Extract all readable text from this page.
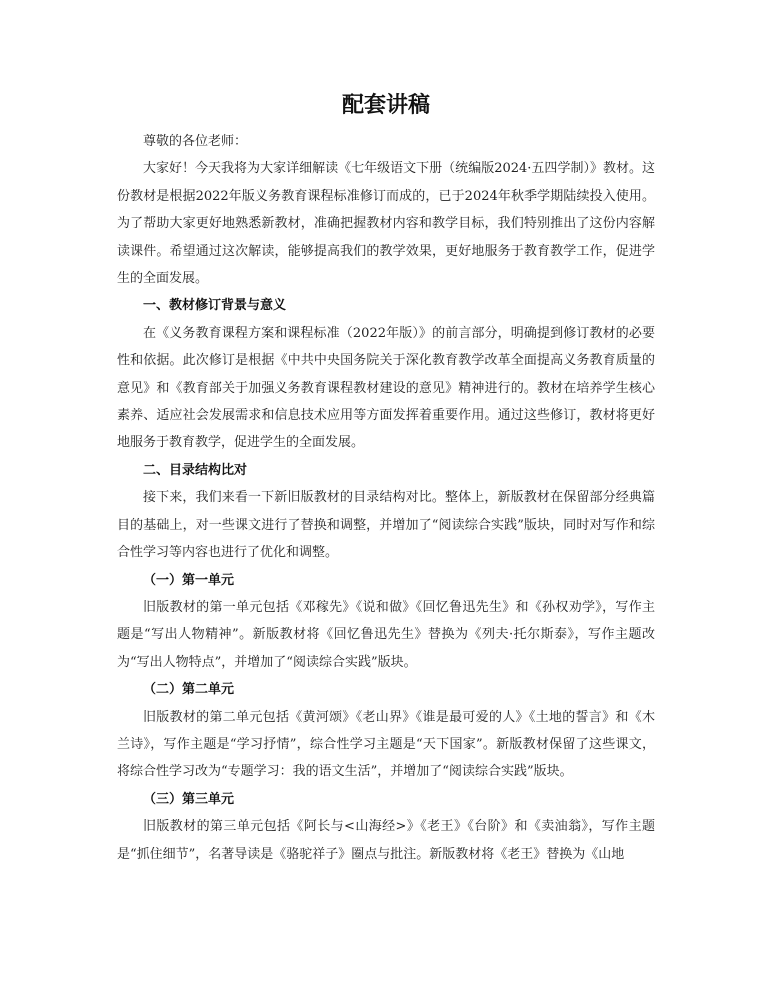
配套讲稿

尊敬的各位老师：

大家好！今天我将为大家详细解读《七年级语文下册（统编版2024·五四学制）》教材。这份教材是根据2022年版义务教育课程标准修订而成的，已于2024年秋季学期陆续投入使用。为了帮助大家更好地熟悉新教材，准确把握教材内容和教学目标，我们特别推出了这份内容解读课件。希望通过这次解读，能够提高我们的教学效果，更好地服务于教育教学工作，促进学生的全面发展。

一、教材修订背景与意义

在《义务教育课程方案和课程标准（2022年版）》的前言部分，明确提到修订教材的必要性和依据。此次修订是根据《中共中央国务院关于深化教育教学改革全面提高义务教育质量的意见》和《教育部关于加强义务教育课程教材建设的意见》精神进行的。教材在培养学生核心素养、适应社会发展需求和信息技术应用等方面发挥着重要作用。通过这些修订，教材将更好地服务于教育教学，促进学生的全面发展。

二、目录结构比对

接下来，我们来看一下新旧版教材的目录结构对比。整体上，新版教材在保留部分经典篇目的基础上，对一些课文进行了替换和调整，并增加了“阅读综合实践”版块，同时对写作和综合性学习等内容也进行了优化和调整。

（一）第一单元

旧版教材的第一单元包括《邓稼先》《说和做》《回忆鲁迅先生》和《孙权劝学》，写作主题是“写出人物精神”。新版教材将《回忆鲁迅先生》替换为《列夫·托尔斯泰》，写作主题改为“写出人物特点”，并增加了“阅读综合实践”版块。

（二）第二单元

旧版教材的第二单元包括《黄河颂》《老山界》《谁是最可爱的人》《土地的誓言》和《木兰诗》，写作主题是“学习抒情”，综合性学习主题是“天下国家”。新版教材保留了这些课文，将综合性学习改为“专题学习：我的语文生活”，并增加了“阅读综合实践”版块。

（三）第三单元

旧版教材的第三单元包括《阿长与<山海经>》《老王》《台阶》和《卖油翁》，写作主题是“抓住细节”，名著导读是《骆驼祥子》圈点与批注。新版教材将《老王》替换为《山地
